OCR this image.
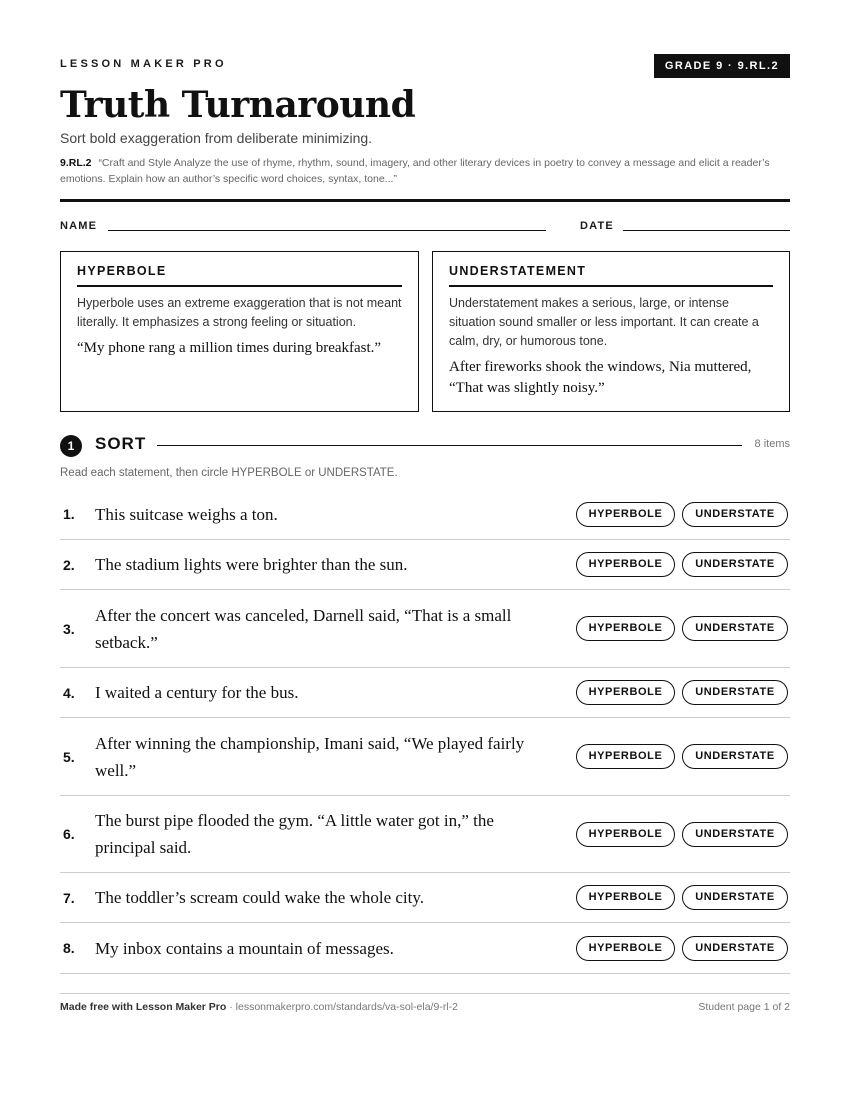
LESSON MAKER PRO	GRADE 9 · 9.RL.2
Truth Turnaround
Sort bold exaggeration from deliberate minimizing.
9.RL.2 “Craft and Style Analyze the use of rhyme, rhythm, sound, imagery, and other literary devices in poetry to convey a message and elicit a reader’s emotions. Explain how an author’s specific word choices, syntax, tone...”
NAME	DATE
HYPERBOLE
Hyperbole uses an extreme exaggeration that is not meant literally. It emphasizes a strong feeling or situation.
“My phone rang a million times during breakfast.”
UNDERSTATEMENT
Understatement makes a serious, large, or intense situation sound smaller or less important. It can create a calm, dry, or humorous tone.
After fireworks shook the windows, Nia muttered, “That was slightly noisy.”
1	SORT	8 items
Read each statement, then circle HYPERBOLE or UNDERSTATE.
1. This suitcase weighs a ton.	HYPERBOLE	UNDERSTATE
2. The stadium lights were brighter than the sun.	HYPERBOLE	UNDERSTATE
3.
After the concert was canceled, Darnell said, “That is a small setback.”
HYPERBOLE	UNDERSTATE
4. I waited a century for the bus.	HYPERBOLE	UNDERSTATE
5.
After winning the championship, Imani said, “We played fairly well.”
HYPERBOLE	UNDERSTATE
6.
The burst pipe flooded the gym. “A little water got in,” the principal said.
HYPERBOLE	UNDERSTATE
7. The toddler’s scream could wake the whole city.	HYPERBOLE	UNDERSTATE
8. My inbox contains a mountain of messages.	HYPERBOLE	UNDERSTATE
Made free with Lesson Maker Pro · lessonmakerpro.com/standards/va-sol-ela/9-rl-2	Student page 1 of 2
